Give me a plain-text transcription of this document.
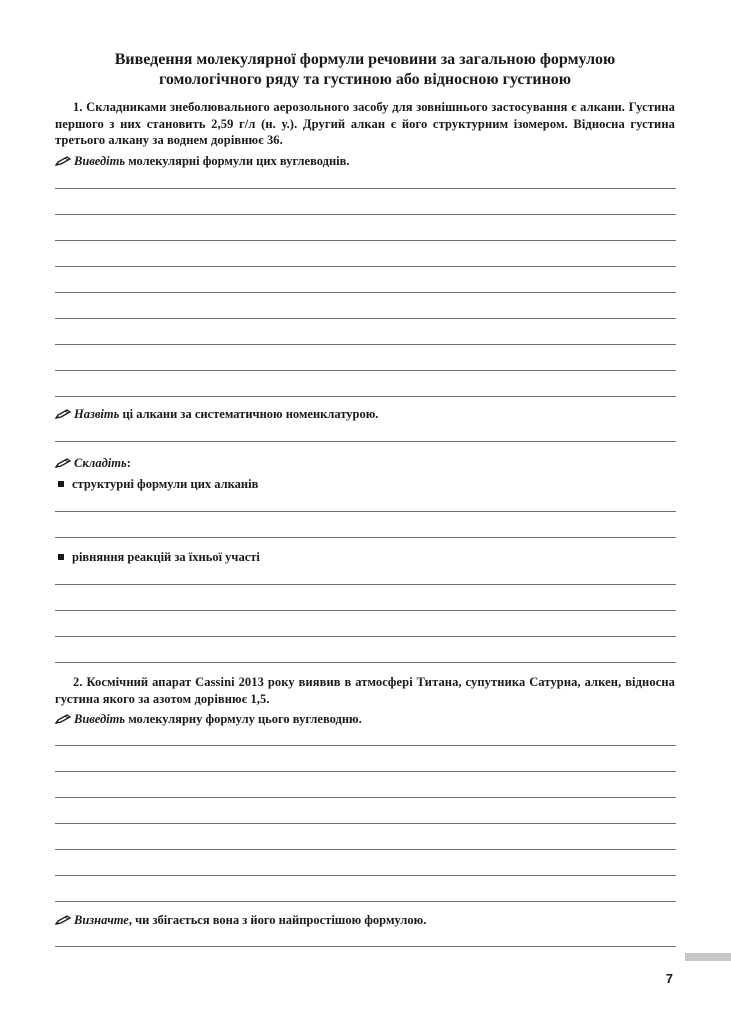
Виведення молекулярної формули речовини за загальною формулою
гомологічного ряду та густиною або відносною густиною

1. Складниками знеболювального аерозольного засобу для зовнішнього застосування є алкани. Густина першого з них становить 2,59 г/л (н. у.). Другий алкан є його структурним ізомером. Відносна густина третього алкану за воднем дорівнює 36.

Виведіть молекулярні формули цих вуглеводнів.

Назвіть ці алкани за систематичною номенклатурою.

Складіть:

структурні формули цих алканів

рівняння реакцій за їхньої участі

2. Космічний апарат Cassini 2013 року виявив в атмосфері Титана, супутника Сатурна, алкен, відносна густина якого за азотом дорівнює 1,5.

Виведіть молекулярну формулу цього вуглеводню.

Визначте, чи збігається вона з його найпростішою формулою.

7
